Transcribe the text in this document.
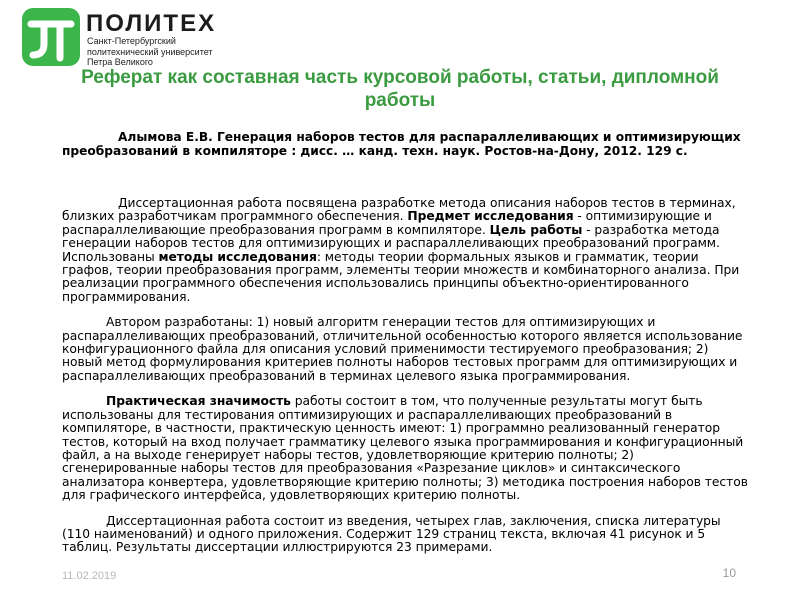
ПОЛИТЕХ
Санкт-Петербургский
политехнический университет
Петра Великого
Реферат как составная часть курсовой работы, статьи, дипломной работы
Алымова Е.В. Генерация наборов тестов для распараллеливающих и оптимизирующих преобразований в компиляторе : дисс. … канд. техн. наук. Ростов-на-Дону, 2012. 129 с.

Диссертационная работа посвящена разработке метода описания наборов тестов в терминах, близких разработчикам программного обеспечения. Предмет исследования - оптимизирующие и распараллеливающие преобразования программ в компиляторе. Цель работы - разработка метода генерации наборов тестов для оптимизирующих и распараллеливающих преобразований программ. Использованы методы исследования: методы теории формальных языков и грамматик, теории графов, теории преобразования программ, элементы теории множеств и комбинаторного анализа. При реализации программного обеспечения использовались принципы объектно-ориентированного программирования.

Автором разработаны: 1) новый алгоритм генерации тестов для оптимизирующих и распараллеливающих преобразований, отличительной особенностью которого является использование конфигурационного файла для описания условий применимости тестируемого преобразования; 2) новый метод формулирования критериев полноты наборов тестовых программ для оптимизирующих и распараллеливающих преобразований в терминах целевого языка программирования.

Практическая значимость работы состоит в том, что полученные результаты могут быть использованы для тестирования оптимизирующих и распараллеливающих преобразований в компиляторе, в частности, практическую ценность имеют: 1) программно реализованный генератор тестов, который на вход получает грамматику целевого языка программирования и конфигурационный файл, а на выходе генерирует наборы тестов, удовлетворяющие критерию полноты; 2) сгенерированные наборы тестов для преобразования «Разрезание циклов» и синтаксического анализатора конвертера, удовлетворяющие критерию полноты; 3) методика построения наборов тестов для графического интерфейса, удовлетворяющих критерию полноты.

Диссертационная работа состоит из введения, четырех глав, заключения, списка литературы (110 наименований) и одного приложения. Содержит 129 страниц текста, включая 41 рисунок и 5 таблиц. Результаты диссертации иллюстрируются 23 примерами.

11.02.2019	10
